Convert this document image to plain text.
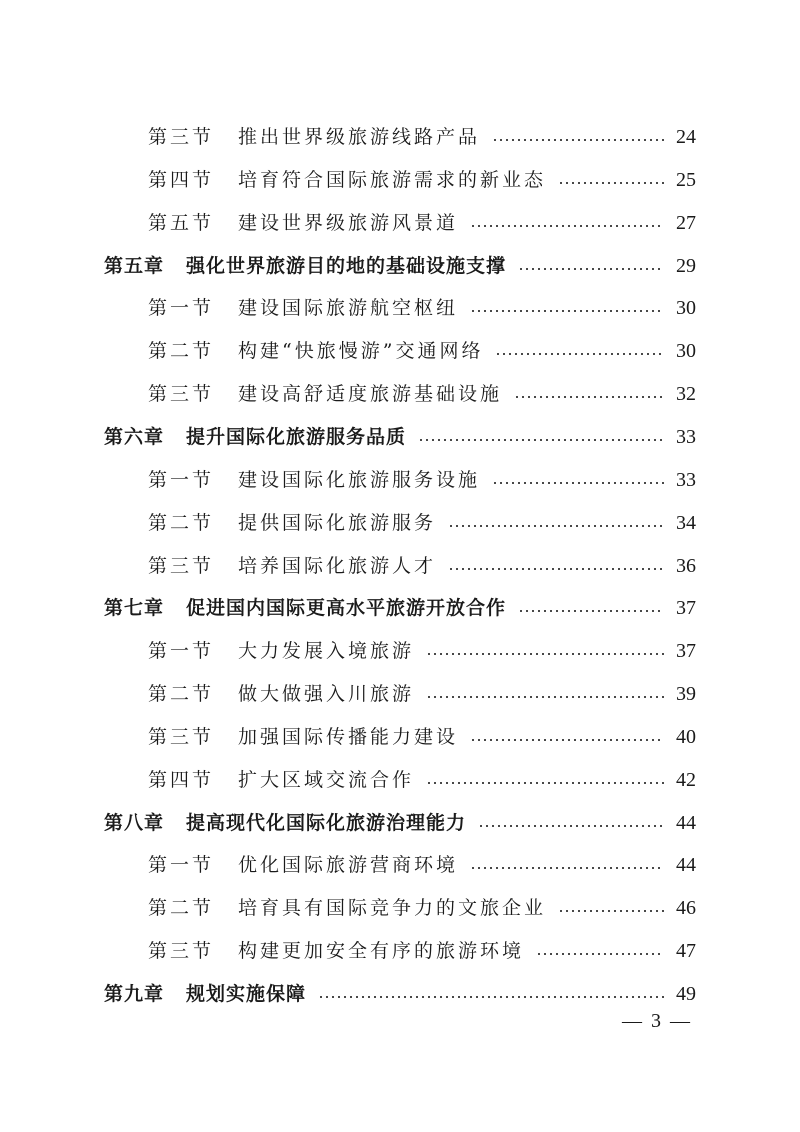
第三节 推出世界级旅游线路产品	24
第四节 培育符合国际旅游需求的新业态	25
第五节 建设世界级旅游风景道	27
第五章 强化世界旅游目的地的基础设施支撑	29
第一节 建设国际旅游航空枢纽	30
第二节 构建“快旅慢游”交通网络	30
第三节 建设高舒适度旅游基础设施	32
第六章 提升国际化旅游服务品质	33
第一节 建设国际化旅游服务设施	33
第二节 提供国际化旅游服务	34
第三节 培养国际化旅游人才	36
第七章 促进国内国际更高水平旅游开放合作	37
第一节 大力发展入境旅游	37
第二节 做大做强入川旅游	39
第三节 加强国际传播能力建设	40
第四节 扩大区域交流合作	42
第八章 提高现代化国际化旅游治理能力	44
第一节 优化国际旅游营商环境	44
第二节 培育具有国际竞争力的文旅企业	46
第三节 构建更加安全有序的旅游环境	47
第九章 规划实施保障	49
— 3 —
